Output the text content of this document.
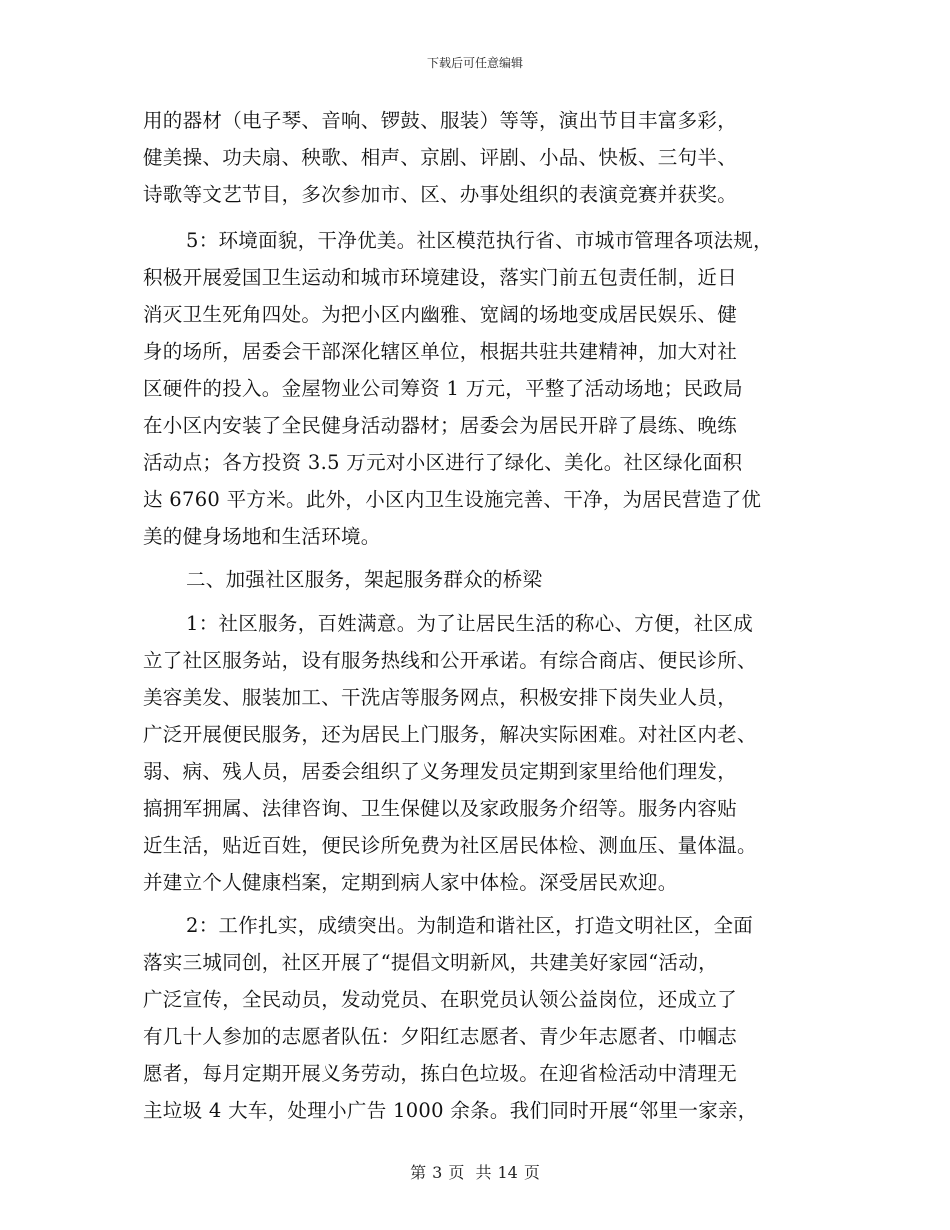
下载后可任意编辑
用的器材（电子琴、音响、锣鼓、服装）等等，演出节目丰富多彩，
健美操、功夫扇、秧歌、相声、京剧、评剧、小品、快板、三句半、
诗歌等文艺节目，多次参加市、区、办事处组织的表演竞赛并获奖。
5：环境面貌，干净优美。社区模范执行省、市城市管理各项法规，
积极开展爱国卫生运动和城市环境建设，落实门前五包责任制，近日
消灭卫生死角四处。为把小区内幽雅、宽阔的场地变成居民娱乐、健
身的场所，居委会干部深化辖区单位，根据共驻共建精神，加大对社
区硬件的投入。金屋物业公司筹资 1 万元，平整了活动场地；民政局
在小区内安装了全民健身活动器材；居委会为居民开辟了晨练、晚练
活动点；各方投资 3.5 万元对小区进行了绿化、美化。社区绿化面积
达 6760 平方米。此外，小区内卫生设施完善、干净，为居民营造了优
美的健身场地和生活环境。
二、加强社区服务，架起服务群众的桥梁
1：社区服务，百姓满意。为了让居民生活的称心、方便，社区成
立了社区服务站，设有服务热线和公开承诺。有综合商店、便民诊所、
美容美发、服装加工、干洗店等服务网点，积极安排下岗失业人员，
广泛开展便民服务，还为居民上门服务，解决实际困难。对社区内老、
弱、病、残人员，居委会组织了义务理发员定期到家里给他们理发，
搞拥军拥属、法律咨询、卫生保健以及家政服务介绍等。服务内容贴
近生活，贴近百姓，便民诊所免费为社区居民体检、测血压、量体温。
并建立个人健康档案，定期到病人家中体检。深受居民欢迎。
2：工作扎实，成绩突出。为制造和谐社区，打造文明社区，全面
落实三城同创，社区开展了“提倡文明新风，共建美好家园“活动，
广泛宣传，全民动员，发动党员、在职党员认领公益岗位，还成立了
有几十人参加的志愿者队伍：夕阳红志愿者、青少年志愿者、巾帼志
愿者，每月定期开展义务劳动，拣白色垃圾。在迎省检活动中清理无
主垃圾 4 大车，处理小广告 1000 余条。我们同时开展“邻里一家亲，
第 3 页 共 14 页
